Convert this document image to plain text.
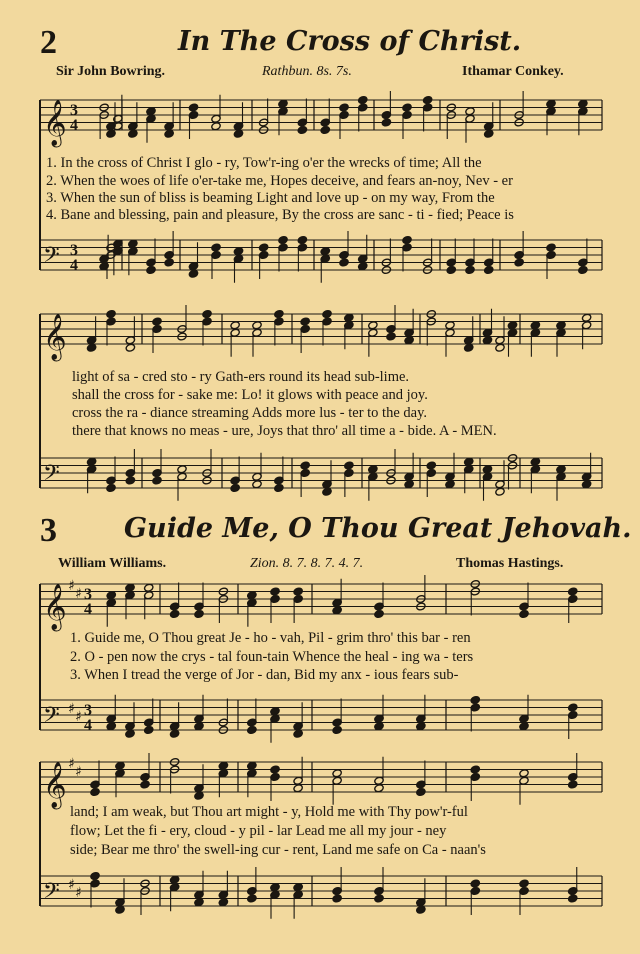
2	In The Cross of Christ.
Sir John Bowring.	Rathbun. 8s. 7s.	Ithamar Conkey.
1. In the cross of Christ I glo - ry, Tow'r-ing o'er the wrecks of time; All the
2. When the woes of life o'er-take me, Hopes deceive, and fears an-noy, Nev - er
3. When the sun of bliss is beaming Light and love up - on my way, From the
4. Bane and blessing, pain and pleasure, By the cross are sanc - ti - fied; Peace is
light of sa - cred sto - ry Gath-ers round its head sub-lime.
shall the cross for - sake me: Lo! it glows with peace and joy.
cross the ra - diance streaming Adds more lus - ter to the day.
there that knows no meas - ure, Joys that thro' all time a - bide. A - MEN.
3 Guide Me, O Thou Great Jehovah.
William Williams.	Zion. 8. 7. 8. 7. 4. 7.	Thomas Hastings.
1. Guide me, O Thou great Je - ho - vah, Pil - grim thro' this bar - ren
2. O - pen now the crys - tal foun-tain Whence the heal - ing wa - ters
3. When I tread the verge of Jor - dan, Bid my anx - ious fears sub-
land; I am weak, but Thou art might - y, Hold me with Thy pow'r-ful
flow; Let the fi - ery, cloud - y pil - lar Lead me all my jour - ney
side; Bear me thro' the swell-ing cur - rent, Land me safe on Ca - naan's
𝄞 3
4
𝄢 3
4
𝄞
𝄢
𝄞 ♯ ♯ 3
4
𝄢 ♯ ♯ 3
4
𝄞 ♯ ♯
𝄢 ♯ ♯
